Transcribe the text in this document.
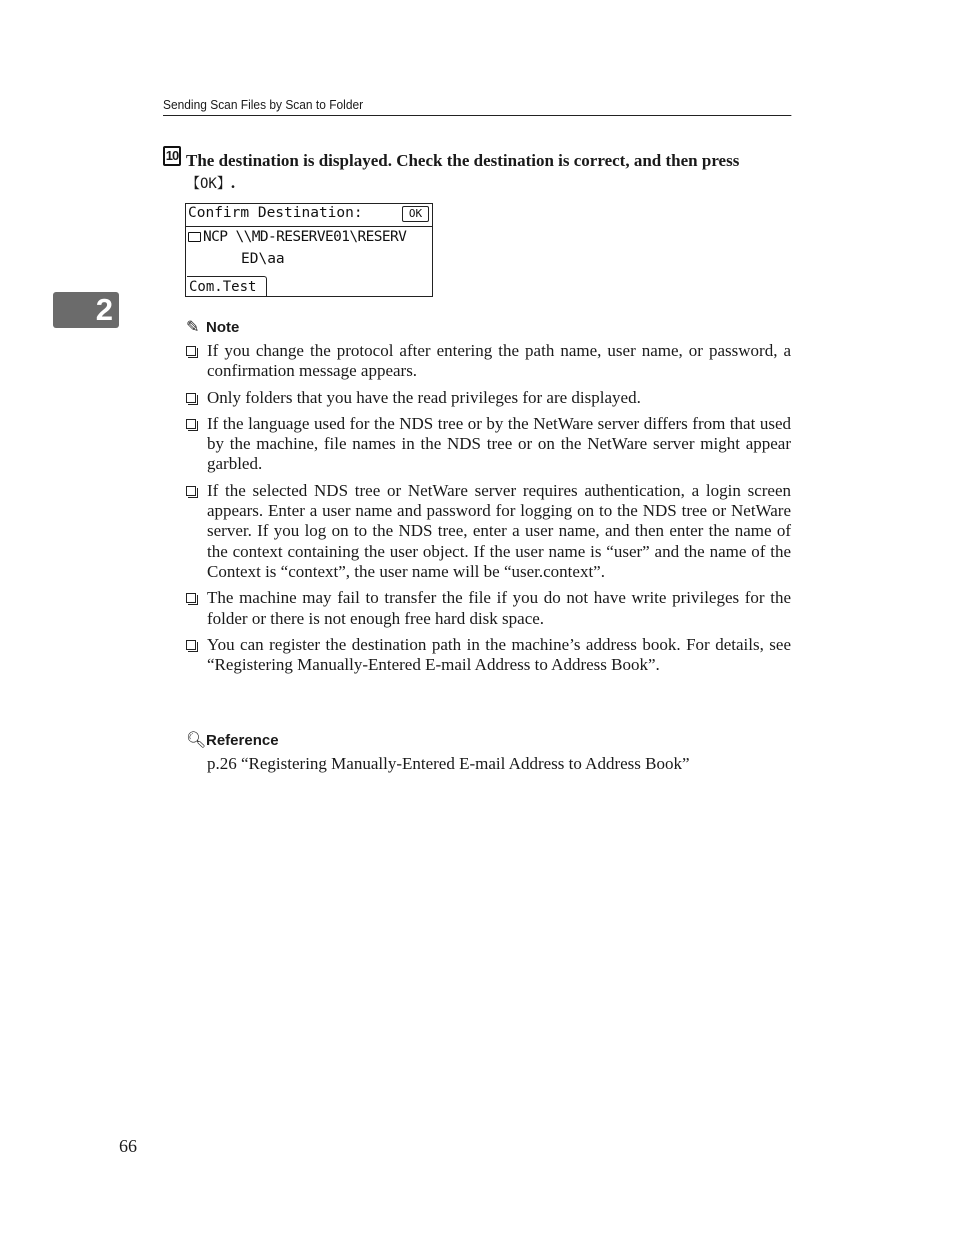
Sending Scan Files by Scan to Folder
2
10 The destination is displayed. Check the destination is correct, and then press 【OK】.
Confirm Destination:	OK
NCP \\MD-RESERVE01\RESERV
ED\aa
Com.Test
✎ Note
If you change the protocol after entering the path name, user name, or password, a confirmation message appears.
Only folders that you have the read privileges for are displayed.
If the language used for the NDS tree or by the NetWare server differs from that used by the machine, file names in the NDS tree or on the NetWare server might appear garbled.
If the selected NDS tree or NetWare server requires authentication, a login screen appears. Enter a user name and password for logging on to the NDS tree or NetWare server. If you log on to the NDS tree, enter a user name, and then enter the name of the context containing the user object. If the user name is “user” and the name of the Context is “context”, the user name will be “user.context”.
The machine may fail to transfer the file if you do not have write privileges for the folder or there is not enough free hard disk space.
You can register the destination path in the machine’s address book. For details, see “Registering Manually-Entered E-mail Address to Address Book”.
🔍︎Reference
p.26 “Registering Manually-Entered E-mail Address to Address Book”
66
